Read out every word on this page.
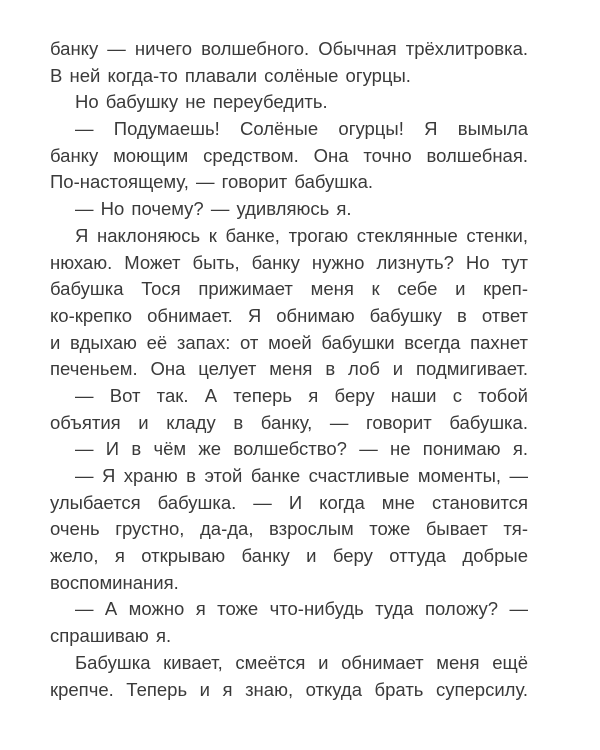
банку — ничего волшебного. Обычная трёхлитровка.
В ней когда-то плавали солёные огурцы.
Но бабушку не переубедить.
— Подумаешь! Солёные огурцы! Я вымыла
банку моющим средством. Она точно волшебная.
По-настоящему, — говорит бабушка.
— Но почему? — удивляюсь я.
Я наклоняюсь к банке, трогаю стеклянные стенки,
нюхаю. Может быть, банку нужно лизнуть? Но тут
бабушка Тося прижимает меня к себе и креп-
ко-крепко обнимает. Я обнимаю бабушку в ответ
и вдыхаю её запах: от моей бабушки всегда пахнет
печеньем. Она целует меня в лоб и подмигивает.
— Вот так. А теперь я беру наши с тобой
объятия и кладу в банку, — говорит бабушка.
— И в чём же волшебство? — не понимаю я.
— Я храню в этой банке счастливые моменты, —
улыбается бабушка. — И когда мне становится
очень грустно, да-да, взрослым тоже бывает тя-
жело, я открываю банку и беру оттуда добрые
воспоминания.
— А можно я тоже что-нибудь туда положу? —
спрашиваю я.
Бабушка кивает, смеётся и обнимает меня ещё
крепче. Теперь и я знаю, откуда брать суперсилу.
